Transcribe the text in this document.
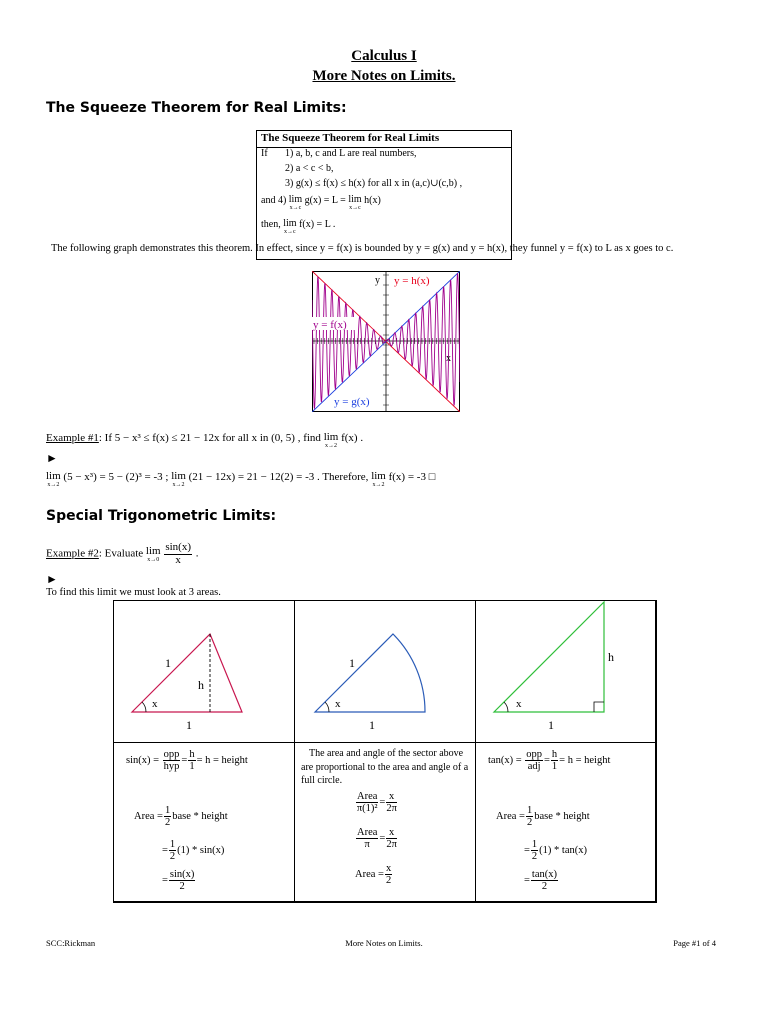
Calculus I
More Notes on Limits.
The Squeeze Theorem for Real Limits:
The Squeeze Theorem for Real Limits
If 1) a, b, c and L are real numbers,
2) a < c < b,
3) g(x) ≤ f(x) ≤ h(x) for all x in (a,c)∪(c,b) ,
and 4) lim
x→c
g(x) = L = lim
x→c
h(x)
then, lim
x→c
f(x) = L .
The following graph demonstrates this theorem. In effect, since y = f(x) is bounded by y = g(x) and y = h(x), they funnel y = f(x) to L as x goes to c.
y
x
y = h(x)
y = f(x)
y = g(x)
Example #1: If 5 − x³ ≤ f(x) ≤ 21 − 12x for all x in (0, 5) , find lim
x→2
f(x) .
►
lim
x→2
(5 − x³) = 5 − (2)³ = -3 ; lim
x→2
(21 − 12x) = 21 − 12(2) = -3 . Therefore, lim
x→2
f(x) = -3 □
Special Trigonometric Limits:
Example #2: Evaluate lim
x→0
$\frac{\sin(x)}{x}$ .
►
To find this limit we must look at 3 areas.
1
h
x
1
1
x
1
h
x
1
$\sin(x) = \frac{\text{opp}}{\text{hyp}} = \frac{h}{1} = h$ = height
Area = $\frac{1}{2}$ base * height
= $\frac{1}{2} (1) * \sin(x)$
= $\frac{\sin(x)}{2}$
The area and angle of the sector above are proportional to the area and angle of a full circle.
$\frac{\text{Area}}{\text{π(1)²}} = \frac{x}{2\pi}$
$\frac{\text{Area}}{\pi} = \frac{x}{2\pi}$
Area = $\frac{x}{2}$
$\tan(x) = \frac{\text{opp}}{\text{adj}} = \frac{h}{1} = h$ = height
Area = $\frac{1}{2}$ base * height
= $\frac{1}{2} (1) * \tan(x)$
= $\frac{\tan(x)}{2}$
SCC:Rickman	More Notes on Limits.	Page #1 of 4
